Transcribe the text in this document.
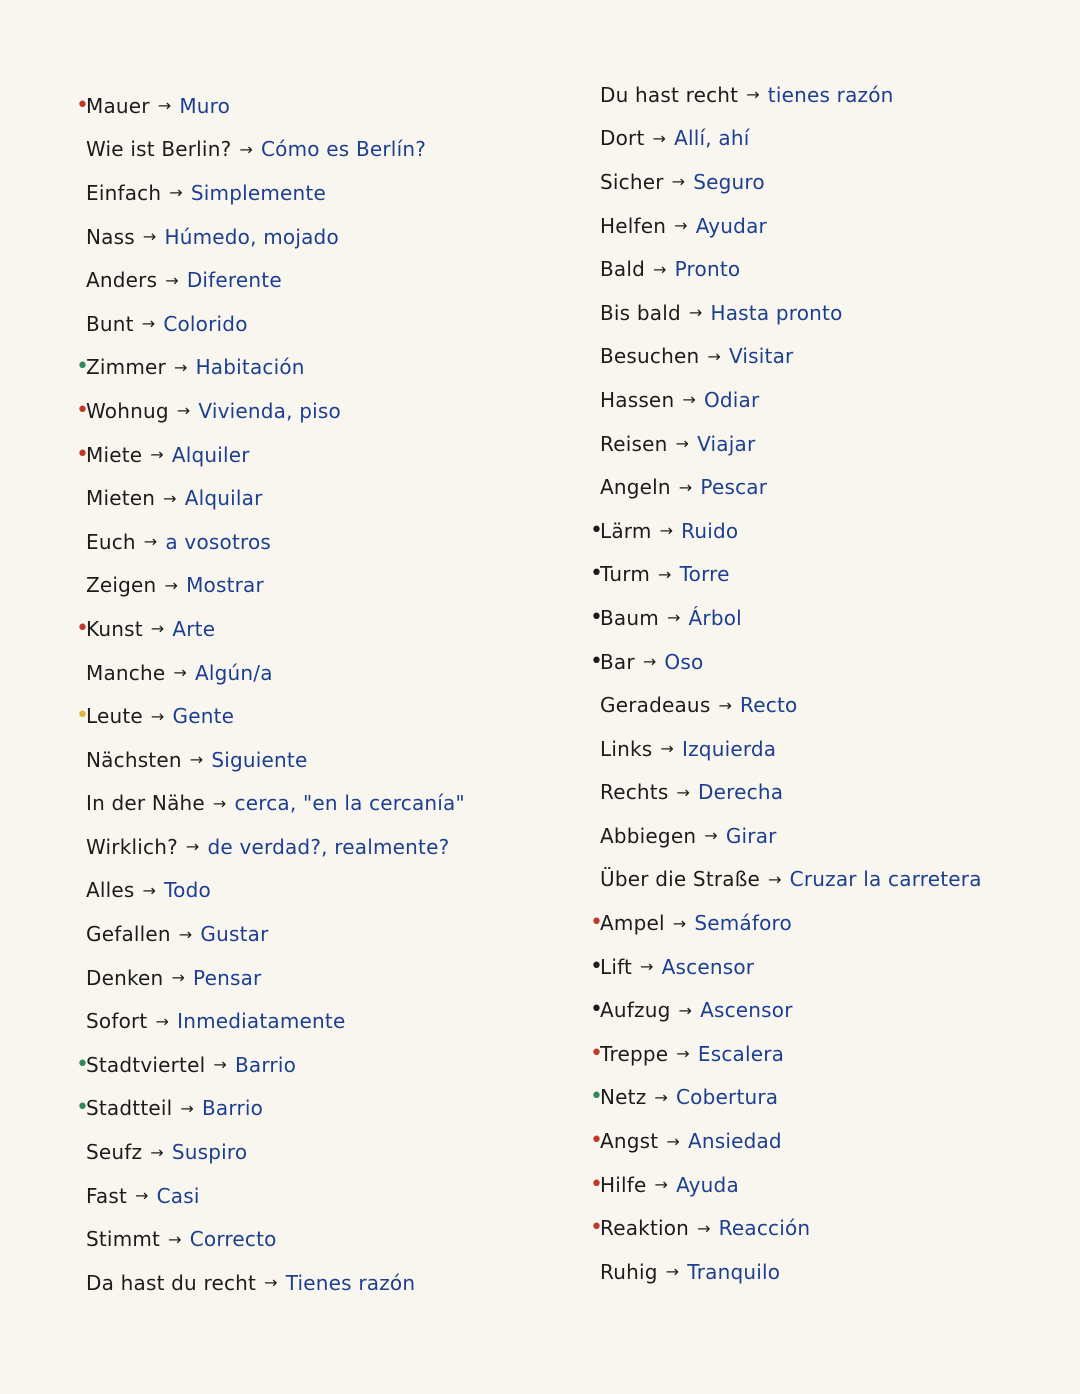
•
Mauer → Muro
Wie ist Berlin? → Cómo es Berlín?
Einfach → Simplemente
Nass → Húmedo, mojado
Anders → Diferente
Bunt → Colorido
•
Zimmer → Habitación
•
Wohnug → Vivienda, piso
•
Miete → Alquiler
Mieten → Alquilar
Euch → a vosotros
Zeigen → Mostrar
•
Kunst → Arte
Manche → Algún/a
•
Leute → Gente
Nächsten → Siguiente
In der Nähe → cerca, "en la cercanía"
Wirklich? → de verdad?, realmente?
Alles → Todo
Gefallen → Gustar
Denken → Pensar
Sofort → Inmediatamente
•
Stadtviertel → Barrio
•
Stadtteil → Barrio
Seufz → Suspiro
Fast → Casi
Stimmt → Correcto
Da hast du recht → Tienes razón
Du hast recht → tienes razón
Dort → Allí, ahí
Sicher → Seguro
Helfen → Ayudar
Bald → Pronto
Bis bald → Hasta pronto
Besuchen → Visitar
Hassen → Odiar
Reisen → Viajar
Angeln → Pescar
•
Lärm → Ruido
•
Turm → Torre
•
Baum → Árbol
•
Bar → Oso
Geradeaus → Recto
Links → Izquierda
Rechts → Derecha
Abbiegen → Girar
Über die Straße → Cruzar la carretera
•
Ampel → Semáforo
•
Lift → Ascensor
•
Aufzug → Ascensor
•
Treppe → Escalera
•
Netz → Cobertura
•
Angst → Ansiedad
•
Hilfe → Ayuda
•
Reaktion → Reacción
Ruhig → Tranquilo
